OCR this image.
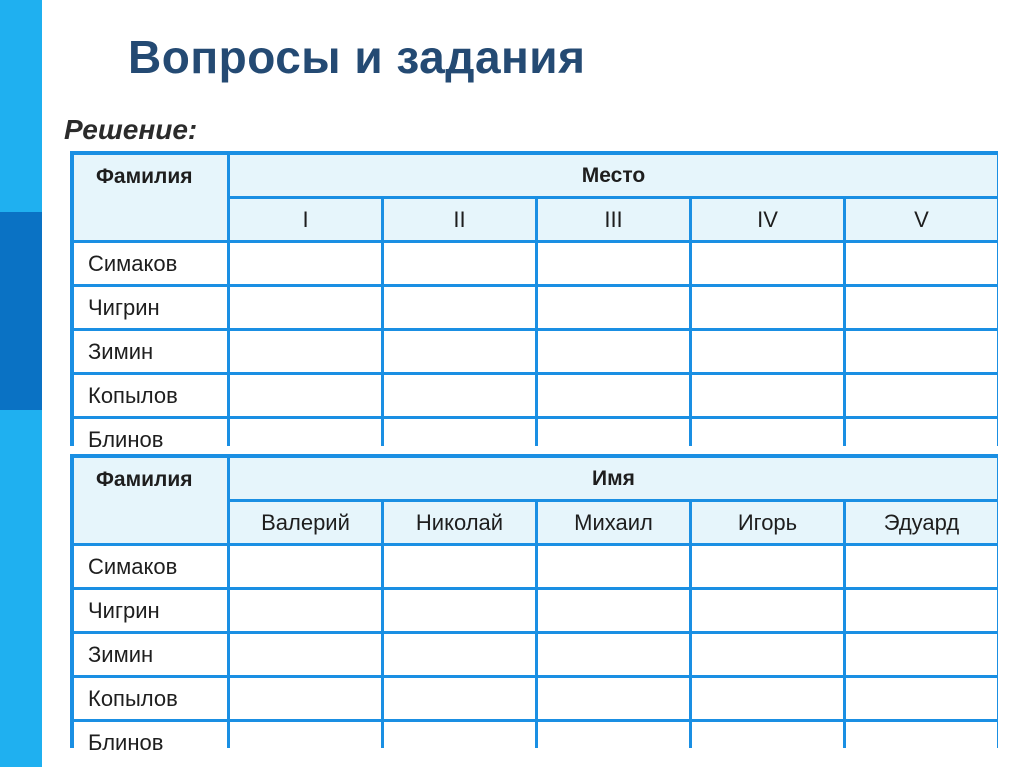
Вопросы и задания
Решение:
Фамилия	Место
I	II	III	IV	V
Симаков
Чигрин
Зимин
Копылов
Блинов
Фамилия	Имя
Валерий	Николай	Михаил	Игорь	Эдуард
Симаков
Чигрин
Зимин
Копылов
Блинов
